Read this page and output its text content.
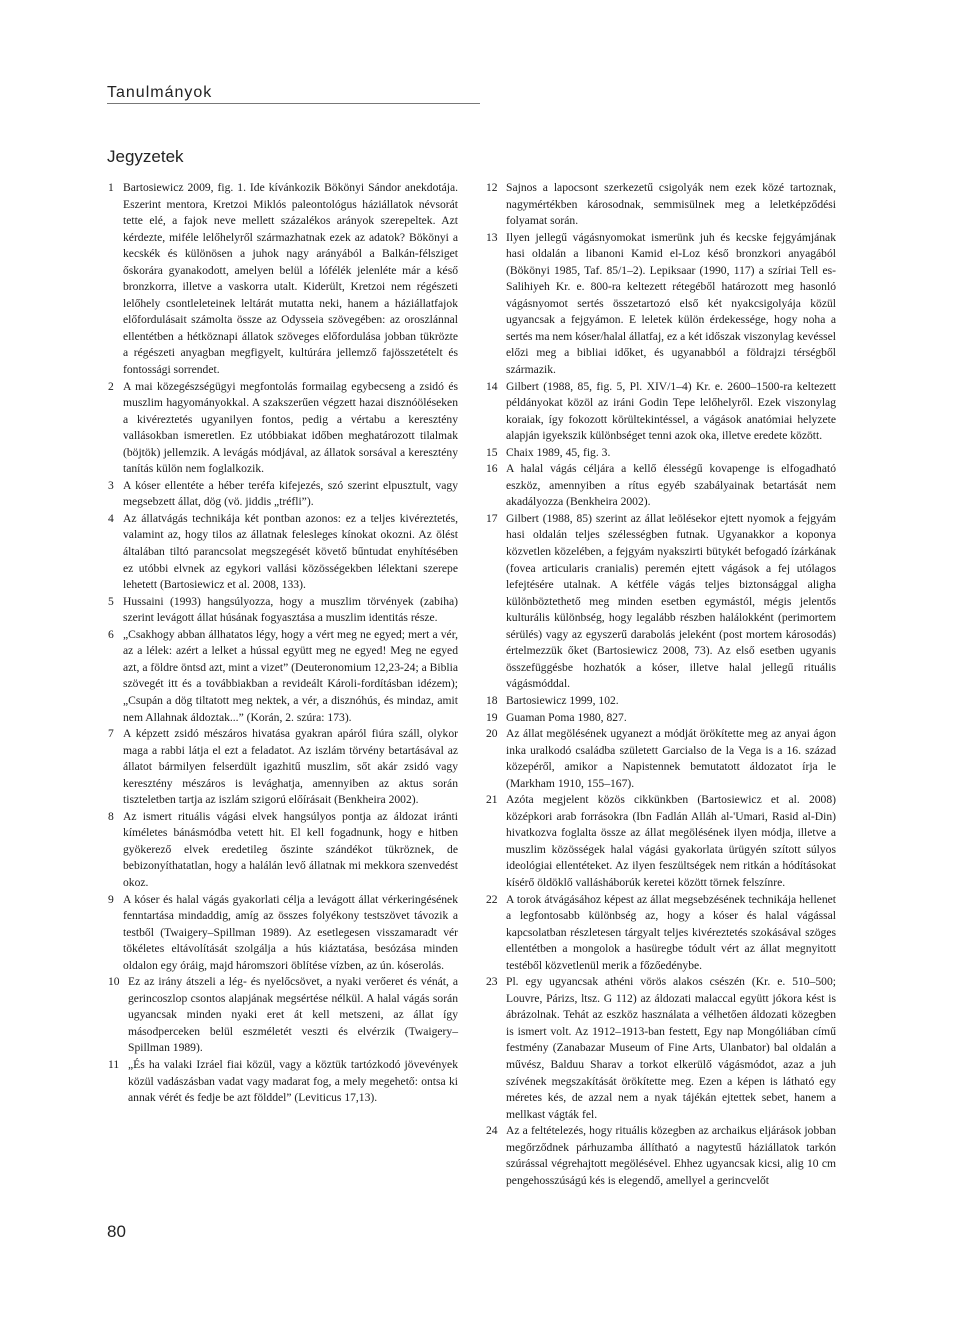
Tanulmányok
Jegyzetek
1 Bartosiewicz 2009, fig. 1. Ide kívánkozik Bökönyi Sándor anekdotája. Eszerint mentora, Kretzoi Miklós paleontológus háziállatok névsorát tette elé, a fajok neve mellett százalékos arányok szerepeltek. Azt kérdezte, miféle lelőhelyről származhatnak ezek az adatok? Bökönyi a kecskék és különösen a juhok nagy arányából a Balkán-félsziget őskorára gyanakodott, amelyen belül a lófélék jelenléte már a késő bronzkorra, illetve a vaskorra utalt. Kiderült, Kretzoi nem régészeti lelőhely csontleleteinek leltárát mutatta neki, hanem a háziállatfajok előfordulásait számolta össze az Odysseia szövegében: az oroszlánnal ellentétben a hétköznapi állatok szöveges előfordulása jobban tükrözte a régészeti anyagban megfigyelt, kultúrára jellemző fajösszetételt és fontossági sorrendet.
2 A mai közegészségügyi megfontolás formailag egybecseng a zsidó és muszlim hagyományokkal. A szakszerűen végzett hazai disznóöléseken a kivéreztetés ugyanilyen fontos, pedig a vértabu a keresztény vallásokban ismeretlen. Ez utóbbiakat időben meghatározott tilalmak (böjtök) jellemzik. A levágás módjával, az állatok sorsával a keresztény tanítás külön nem foglalkozik.
3 A kóser ellentéte a héber teréfa kifejezés, szó szerint elpusztult, vagy megsebzett állat, dög (vö. jiddis „tréfli”).
4 Az állatvágás technikája két pontban azonos: ez a teljes kivéreztetés, valamint az, hogy tilos az állatnak felesleges kínokat okozni. Az ölést általában tiltó parancsolat megszegését követő bűntudat enyhítésében ez utóbbi elvnek az egykori vallási közösségekben lélektani szerepe lehetett (Bartosiewicz et al. 2008, 133).
5 Hussaini (1993) hangsúlyozza, hogy a muszlim törvények (zabiha) szerint levágott állat húsának fogyasztása a muszlim identitás része.
6 „Csakhogy abban állhatatos légy, hogy a vért meg ne egyed; mert a vér, az a lélek: azért a lelket a hússal együtt meg ne egyed! Meg ne egyed azt, a földre öntsd azt, mint a vizet” (Deuteronomium 12,23-24; a Biblia szövegét itt és a továbbiakban a revideált Károli-fordításban idézem); „Csupán a dög tiltatott meg nektek, a vér, a disznóhús, és mindaz, amit nem Allahnak áldoztak...” (Korán, 2. szúra: 173).
7 A képzett zsidó mészáros hivatása gyakran apáról fiúra száll, olykor maga a rabbi látja el ezt a feladatot. Az iszlám törvény betartásával az állatot bármilyen felserdült igazhitű muszlim, sőt akár zsidó vagy keresztény mészáros is levághatja, amennyiben az aktus során tiszteletben tartja az iszlám szigorú előírásait (Benkheira 2002).
8 Az ismert rituális vágási elvek hangsúlyos pontja az áldozat iránti kíméletes bánásmódba vetett hit. El kell fogadnunk, hogy e hitben gyökerező elvek eredetileg őszinte szándékot tükröznek, de bebizonyíthatatlan, hogy a halálán levő állatnak mi mekkora szenvedést okoz.
9 A kóser és halal vágás gyakorlati célja a levágott állat vérkeringésének fenntartása mindaddig, amíg az összes folyékony testszövet távozik a testből (Twaigery–Spillman 1989). Az esetlegesen visszamaradt vér tökéletes eltávolítását szolgálja a hús kiáztatása, besózása minden oldalon egy óráig, majd háromszori öblítése vízben, az ún. kóserolás.
10 Ez az irány átszeli a lég- és nyelőcsövet, a nyaki verőeret és vénát, a gerincoszlop csontos alapjának megsértése nélkül. A halal vágás során ugyancsak minden nyaki eret át kell metszeni, az állat így másodperceken belül eszméletét veszti és elvérzik (Twaigery–Spillman 1989).
11 „És ha valaki Izráel fiai közül, vagy a köztük tartózkodó jövevények közül vadászásban vadat vagy madarat fog, a mely megehető: ontsa ki annak vérét és fedje be azt földdel” (Leviticus 17,13).
12 Sajnos a lapocsont szerkezetű csigolyák nem ezek közé tartoznak, nagymértékben károsodnak, semmisülnek meg a leletképződési folyamat során.
13 Ilyen jellegű vágásnyomokat ismerünk juh és kecske fejgyámjának hasi oldalán a libanoni Kamid el-Loz késő bronzkori anyagából (Bökönyi 1985, Taf. 85/1–2). Lepiksaar (1990, 117) a szíriai Tell es-Salihiyeh Kr. e. 800-ra keltezett rétegéből határozott meg hasonló vágásnyomot sertés összetartozó első két nyakcsigolyája közül ugyancsak a fejgyámon. E leletek külön érdekessége, hogy noha a sertés ma nem kóser/halal állatfaj, ez a két időszak viszonylag kevéssel előzi meg a bibliai időket, és ugyanabból a földrajzi térségből származik.
14 Gilbert (1988, 85, fig. 5, Pl. XIV/1–4) Kr. e. 2600–1500-ra keltezett példányokat közöl az iráni Godin Tepe lelőhelyről. Ezek viszonylag koraiak, így fokozott körültekintéssel, a vágások anatómiai helyzete alapján igyekszik különbséget tenni azok oka, illetve eredete között.
15 Chaix 1989, 45, fig. 3.
16 A halal vágás céljára a kellő élességű kovapenge is elfogadható eszköz, amennyiben a rítus egyéb szabályainak betartását nem akadályozza (Benkheira 2002).
17 Gilbert (1988, 85) szerint az állat leölésekor ejtett nyomok a fejgyám hasi oldalán teljes szélességben futnak. Ugyanakkor a koponya közvetlen közelében, a fejgyám nyakszirti bütykét befogadó ízárkának (fovea articularis cranialis) peremén ejtett vágások a fej utólagos lefejtésére utalnak. A kétféle vágás teljes biztonsággal aligha különböztethető meg minden esetben egymástól, mégis jelentős kulturális különbség, hogy legalább részben halálokként (perimortem sérülés) vagy az egyszerű darabolás jeleként (post mortem károsodás) értelmezzük őket (Bartosiewicz 2008, 73). Az első esetben ugyanis összefüggésbe hozhatók a kóser, illetve halal jellegű rituális vágásmóddal.
18 Bartosiewicz 1999, 102.
19 Guaman Poma 1980, 827.
20 Az állat megölésének ugyanezt a módját örökítette meg az anyai ágon inka uralkodó családba született Garcialso de la Vega is a 16. század közepéről, amikor a Napistennek bemutatott áldozatot írja le (Markham 1910, 155–167).
21 Azóta megjelent közös cikkünkben (Bartosiewicz et al. 2008) középkori arab forrásokra (Ibn Fadlán Alláh al-'Umari, Rasid al-Din) hivatkozva foglalta össze az állat megölésének ilyen módja, illetve a muszlim közösségek halal vágási gyakorlata ürügyén szított súlyos ideológiai ellentéteket. Az ilyen feszültségek nem ritkán a hódításokat kísérő öldöklő vallásháborúk keretei között törnek felszínre.
22 A torok átvágásához képest az állat megsebzésének technikája hellenet a legfontosabb különbség az, hogy a kóser és halal vágással kapcsolatban részletesen tárgyalt teljes kivéreztetés szokásával szöges ellentétben a mongolok a hasüregbe tódult vért az állat megnyitott testéből közvetlenül merik a főzőedénybe.
23 Pl. egy ugyancsak athéni vörös alakos csészén (Kr. e. 510–500; Louvre, Párizs, ltsz. G 112) az áldozati malaccal együtt jókora kést is ábrázolnak. Tehát az eszköz használata a vélhetően áldozati közegben is ismert volt. Az 1912–1913-ban festett, Egy nap Mongóliában című festmény (Zanabazar Museum of Fine Arts, Ulanbator) bal oldalán a művész, Balduu Sharav a torkot elkerülő vágásmódot, azaz a juh szívének megszakítását örökítette meg. Ezen a képen is látható egy méretes kés, de azzal nem a nyak tájékán ejtettek sebet, hanem a mellkast vágták fel.
24 Az a feltételezés, hogy rituális közegben az archaikus eljárások jobban megőrződnek párhuzamba állítható a nagytestű háziállatok tarkón szúrással végrehajtott megölésével. Ehhez ugyancsak kicsi, alig 10 cm pengehosszúságú kés is elegendő, amellyel a gerincvelőt
80
